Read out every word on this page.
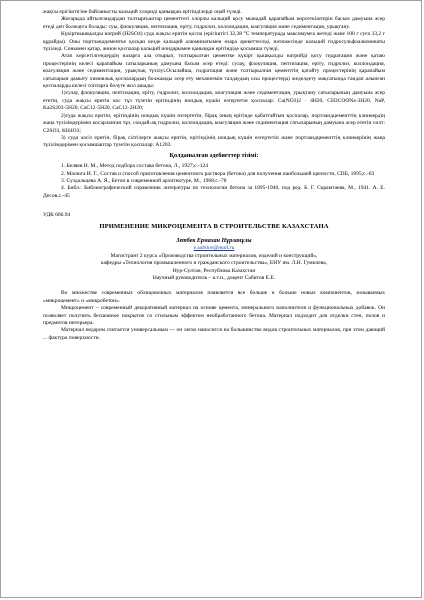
жақсы ерігіштігіне байланысты кальций хлоридi қаныққан ерітінділерді оңай түзеді.

Жоғарыда айтылғандардан толтырғыштар цементтегі хлорлы кальций қосу мынадай қарапайым көрсеткіштерін басым дамуына әсер етеді деп болжауға болады: суы, флокуляция, пептизация, еріту, гидролиз, коллоидация, коагуляция және седиментация, урықтану.

Күкірткышқылды натрий (H2SO4) суда жақсы еритін қоспа (ерігіштігі 32,38 °С температурада максимумға жетеді және 100 г суға 33,2 г құрайды). Оны портландцементке қосқан кезде кальций алюминатымен өзара әрекеттеседі, нәтижесінде кальций гидросульфоалюминаты түзіледі. Сонымен қатар, анион қоспалар кальций иондарымен қаныққан ерітіндіде қосымша түзеді.

Атап көрсетілгендердің назарға ала отырып, толтырылған цементке күкірт қышқылды натрийді қосу гидратация және қатаю процестерінің келесі қарапайым сатыларының дамуына басым әсер етеді: сулау, флокуляция, пептизация, еріту, гидролиз, коллоидация, коагуляция және седиментация, урықтық түзілуі.Осылайша, гидратация және толтырылған цементтің қатайту процестерінің қарапайым сатыларын дамыту химиялық қоспалардың болжамды әсер ету механизмін талдаудың осы процестерді жеделдету мақсатында тандап алынған қоспаларды келесі топтарға бөлуге жол ашады:

1)сулау, флокуляция, пептизация, еріту, гидролиз, коллоидация, коагуляция және седиментация, урықтану сатыларының дамуына әсер ететін, суда жақсы еритін кос тұз түзетін ерітіндінің иондық күшін өзгертетін қоспалар: Ca(NO3)2 · 4H20, CH3COONa·3H20, NaP, Ka2S203·5H20, CaC12·5H20, CaC12·2H20;

2)суда жақсы еритін, ерітіндінің иондық күшін өзгертетін, бірақ оның ерітінде қабаттайтын қоспалар, портландцементтің клинкердің жаңа түзілімдерімен косарланған тұз, сондай-ақ гидролиз, коллоидация, коагуляция және седиментация сатыларының дамуына әсер ететін силт: C2SO3, KH4O3;

3) суда әлсіз еритін, бірақ сілтілерге жақсы еритін, ерітіндінің иондық күшін өзгертетін және портландцементтің клинкерінің жаңа түзілімдерімен қосымшаптар түзетін қоспалар: A1203.

Қолданылған әдебиеттер тізімі:

1. Беляев Н. М., Метод подбора состава бетона, Л., 1927;с.-124

2. Малюга И. Г., Состав и способ приготовления цементного раствора (бетона) для получения наибольшей крепости, СПБ, 1895;с.-63

3. Суздальцева А. Я., Бетон в современной архитектуре, М., 1968;с.-78

4. Библ.: Библиографический справочник литературы по технологии бетона за 1895-1940, под ред. Б. Г. Скрамтаева, М., 1941. А. Е. Десов.с.-45

УДК 666.94

ПРИМЕНЕНИЕ МИКРОЦЕМЕНТА В СТРОИТЕЛЬСТВЕ КАЗАХСТАНА
Зетбек Ермахан Нұрланұлы
e.sabitov@mail.ru

Магистрант 2 курса «Производства строительных материалов, изделий и конструкций»,

кафедры «Технология промышленного и гражданского строительства», ЕНУ им. Л.Н. Гумилева,

Нур-Султан, Республика Казахстан

Научный руководитель – к.т.н., доцент Сабитов Е.Е.

Во множестве современных облицовочных материалов появляется все больше и больше новых компонентов, называемых «микроцемент» и «микробетон».

Микроцемент – современный декоративный материал на основе цемента, минерального наполнителя и функциональных добавок. Он позволяет получить бесшовное покрытие со стильным эффектом необработанного бетона. Материал подходит для отделки стен, полов и предметов интерьера.

Материал недаром считается универсальным — он легко наносится на большинство видов строительных материалов, при этом дающий ... фактура поверхности.
